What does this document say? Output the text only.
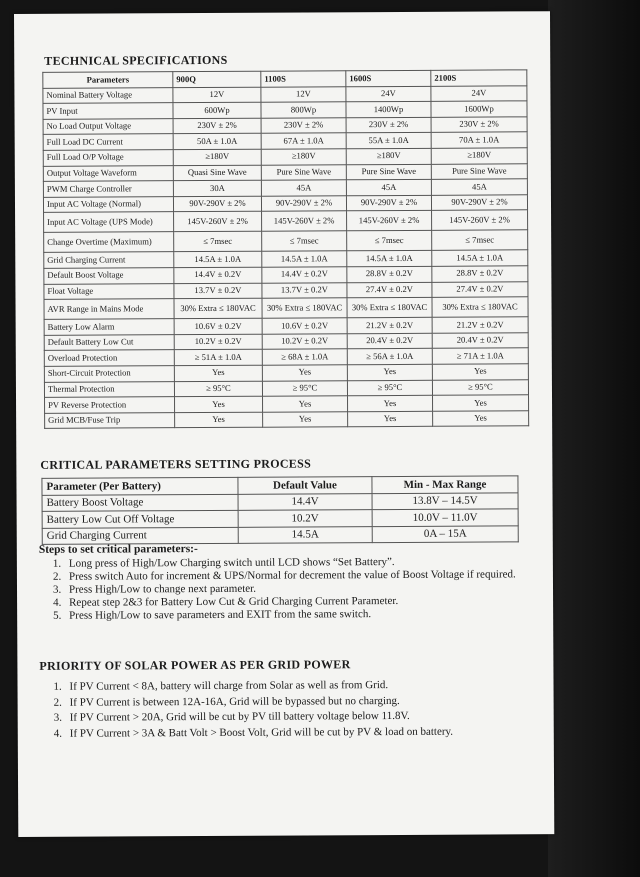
TECHNICAL SPECIFICATIONS
Parameters	900Q	1100S	1600S	2100S
Nominal Battery Voltage	12V	12V	24V	24V
PV Input	600Wp	800Wp	1400Wp	1600Wp
No Load Output Voltage	230V ± 2%	230V ± 2%	230V ± 2%	230V ± 2%
Full Load DC Current	50A ± 1.0A	67A ± 1.0A	55A ± 1.0A	70A ± 1.0A
Full Load O/P Voltage	≥180V	≥180V	≥180V	≥180V
Output Voltage Waveform	Quasi Sine Wave	Pure Sine Wave	Pure Sine Wave	Pure Sine Wave
PWM Charge Controller	30A	45A	45A	45A
Input AC Voltage (Normal)	90V-290V ± 2%	90V-290V ± 2%	90V-290V ± 2%	90V-290V ± 2%
Input AC Voltage (UPS Mode)	145V-260V ± 2%	145V-260V ± 2%	145V-260V ± 2%	145V-260V ± 2%
Change Overtime (Maximum)	≤ 7msec	≤ 7msec	≤ 7msec	≤ 7msec
Grid Charging Current	14.5A ± 1.0A	14.5A ± 1.0A	14.5A ± 1.0A	14.5A ± 1.0A
Default Boost Voltage	14.4V ± 0.2V	14.4V ± 0.2V	28.8V ± 0.2V	28.8V ± 0.2V
Float Voltage	13.7V ± 0.2V	13.7V ± 0.2V	27.4V ± 0.2V	27.4V ± 0.2V
AVR Range in Mains Mode	30% Extra ≤ 180VAC	30% Extra ≤ 180VAC	30% Extra ≤ 180VAC	30% Extra ≤ 180VAC
Battery Low Alarm	10.6V ± 0.2V	10.6V ± 0.2V	21.2V ± 0.2V	21.2V ± 0.2V
Default Battery Low Cut	10.2V ± 0.2V	10.2V ± 0.2V	20.4V ± 0.2V	20.4V ± 0.2V
Overload Protection	≥ 51A ± 1.0A	≥ 68A ± 1.0A	≥ 56A ± 1.0A	≥ 71A ± 1.0A
Short-Circuit Protection	Yes	Yes	Yes	Yes
Thermal Protection	≥ 95°C	≥ 95°C	≥ 95°C	≥ 95°C
PV Reverse Protection	Yes	Yes	Yes	Yes
Grid MCB/Fuse Trip	Yes	Yes	Yes	Yes
CRITICAL PARAMETERS SETTING PROCESS
Parameter (Per Battery)	Default Value	Min - Max Range
Battery Boost Voltage	14.4V	13.8V – 14.5V
Battery Low Cut Off Voltage	10.2V	10.0V – 11.0V
Grid Charging Current	14.5A	0A – 15A

Steps to set critical parameters:-

1. Long press of High/Low Charging switch until LCD shows “Set Battery”.
2. Press switch Auto for increment & UPS/Normal for decrement the value of Boost Voltage if required.
3. Press High/Low to change next parameter.
4. Repeat step 2&3 for Battery Low Cut & Grid Charging Current Parameter.
5. Press High/Low to save parameters and EXIT from the same switch.
PRIORITY OF SOLAR POWER AS PER GRID POWER
1. If PV Current < 8A, battery will charge from Solar as well as from Grid.
2. If PV Current is between 12A-16A, Grid will be bypassed but no charging.
3. If PV Current > 20A, Grid will be cut by PV till battery voltage below 11.8V.
4. If PV Current > 3A & Batt Volt > Boost Volt, Grid will be cut by PV & load on battery.
